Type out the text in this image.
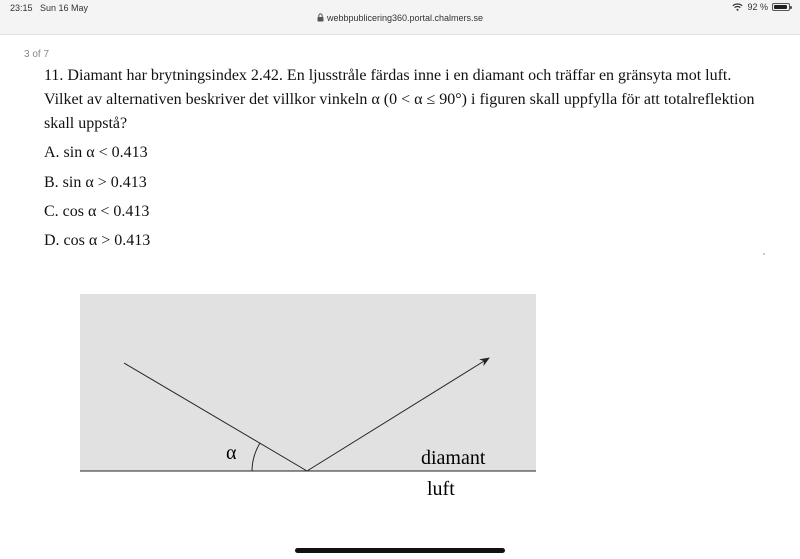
23:15 Sun 16 May
webbpublicering360.portal.chalmers.se
92 %
3 of 7
11. Diamant har brytningsindex 2.42. En ljusstråle färdas inne i en diamant och träffar en gränsyta mot luft. Vilket av alternativen beskriver det villkor vinkeln α (0 < α ≤ 90°) i figuren skall uppfylla för att totalreflektion skall uppstå?
A. sin α < 0.413
B. sin α > 0.413
C. cos α < 0.413
D. cos α > 0.413
α	diamant
luft
